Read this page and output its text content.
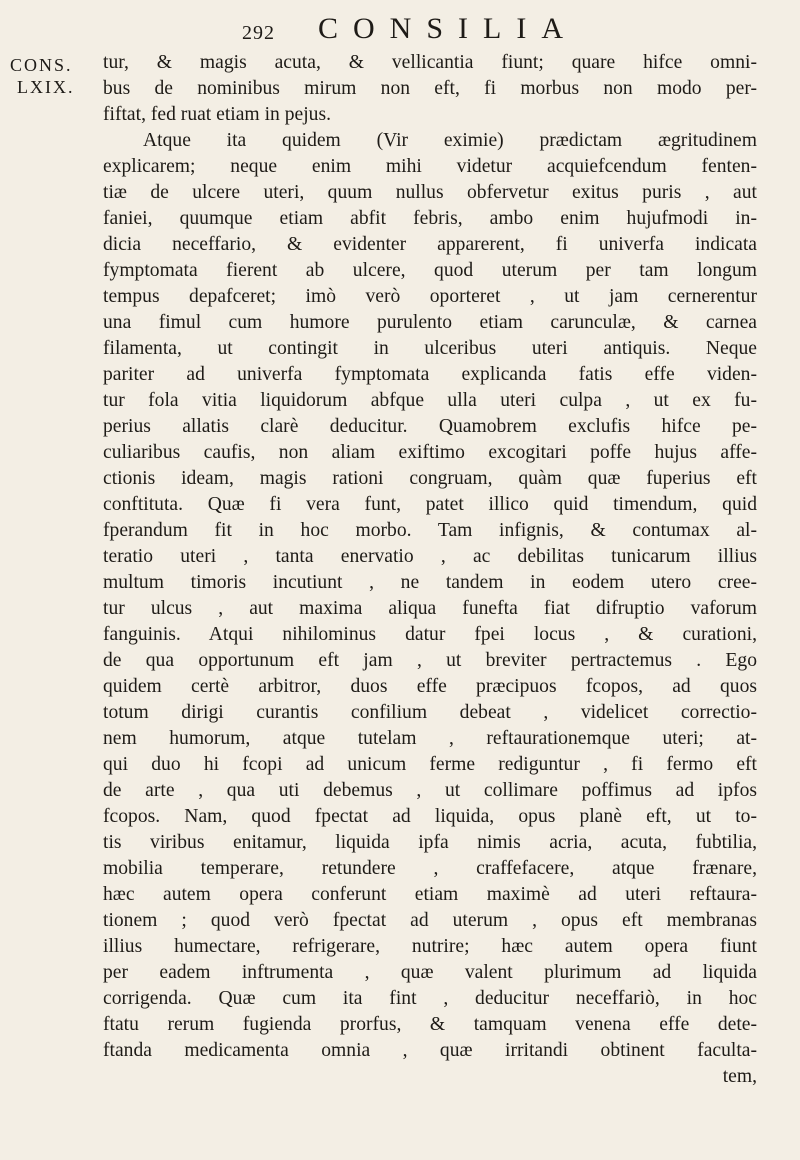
292 CONSILIA
CONS.
LXIX.
tur, & magis acuta, & vellicantia fiunt; quare hifce omni-
bus de nominibus mirum non eft, fi morbus non modo per-
fiftat, fed ruat etiam in pejus.
Atque ita quidem (Vir eximie) prædictam ægritudinem
explicarem; neque enim mihi videtur acquiefcendum fenten-
tiæ de ulcere uteri, quum nullus obfervetur exitus puris , aut
faniei, quumque etiam abfit febris, ambo enim hujufmodi in-
dicia neceffario, & evidenter apparerent, fi univerfa indicata
fymptomata fierent ab ulcere, quod uterum per tam longum
tempus depafceret; imò verò oporteret , ut jam cernerentur
una fimul cum humore purulento etiam carunculæ, & carnea
filamenta, ut contingit in ulceribus uteri antiquis. Neque
pariter ad univerfa fymptomata explicanda fatis effe viden-
tur fola vitia liquidorum abfque ulla uteri culpa , ut ex fu-
perius allatis clarè deducitur. Quamobrem exclufis hifce pe-
culiaribus caufis, non aliam exiftimo excogitari poffe hujus affe-
ctionis ideam, magis rationi congruam, quàm quæ fuperius eft
conftituta. Quæ fi vera funt, patet illico quid timendum, quid
fperandum fit in hoc morbo. Tam infignis, & contumax al-
teratio uteri , tanta enervatio , ac debilitas tunicarum illius
multum timoris incutiunt , ne tandem in eodem utero cree-
tur ulcus , aut maxima aliqua funefta fiat difruptio vaforum
fanguinis. Atqui nihilominus datur fpei locus , & curationi,
de qua opportunum eft jam , ut breviter pertractemus . Ego
quidem certè arbitror, duos effe præcipuos fcopos, ad quos
totum dirigi curantis confilium debeat , videlicet correctio-
nem humorum, atque tutelam , reftaurationemque uteri; at-
qui duo hi fcopi ad unicum ferme rediguntur , fi fermo eft
de arte , qua uti debemus , ut collimare poffimus ad ipfos
fcopos. Nam, quod fpectat ad liquida, opus planè eft, ut to-
tis viribus enitamur, liquida ipfa nimis acria, acuta, fubtilia,
mobilia temperare, retundere , craffefacere, atque frænare,
hæc autem opera conferunt etiam maximè ad uteri reftaura-
tionem ; quod verò fpectat ad uterum , opus eft membranas
illius humectare, refrigerare, nutrire; hæc autem opera fiunt
per eadem inftrumenta , quæ valent plurimum ad liquida
corrigenda. Quæ cum ita fint , deducitur neceffariò, in hoc
ftatu rerum fugienda prorfus, & tamquam venena effe dete-
ftanda medicamenta omnia , quæ irritandi obtinent faculta-
tem,
